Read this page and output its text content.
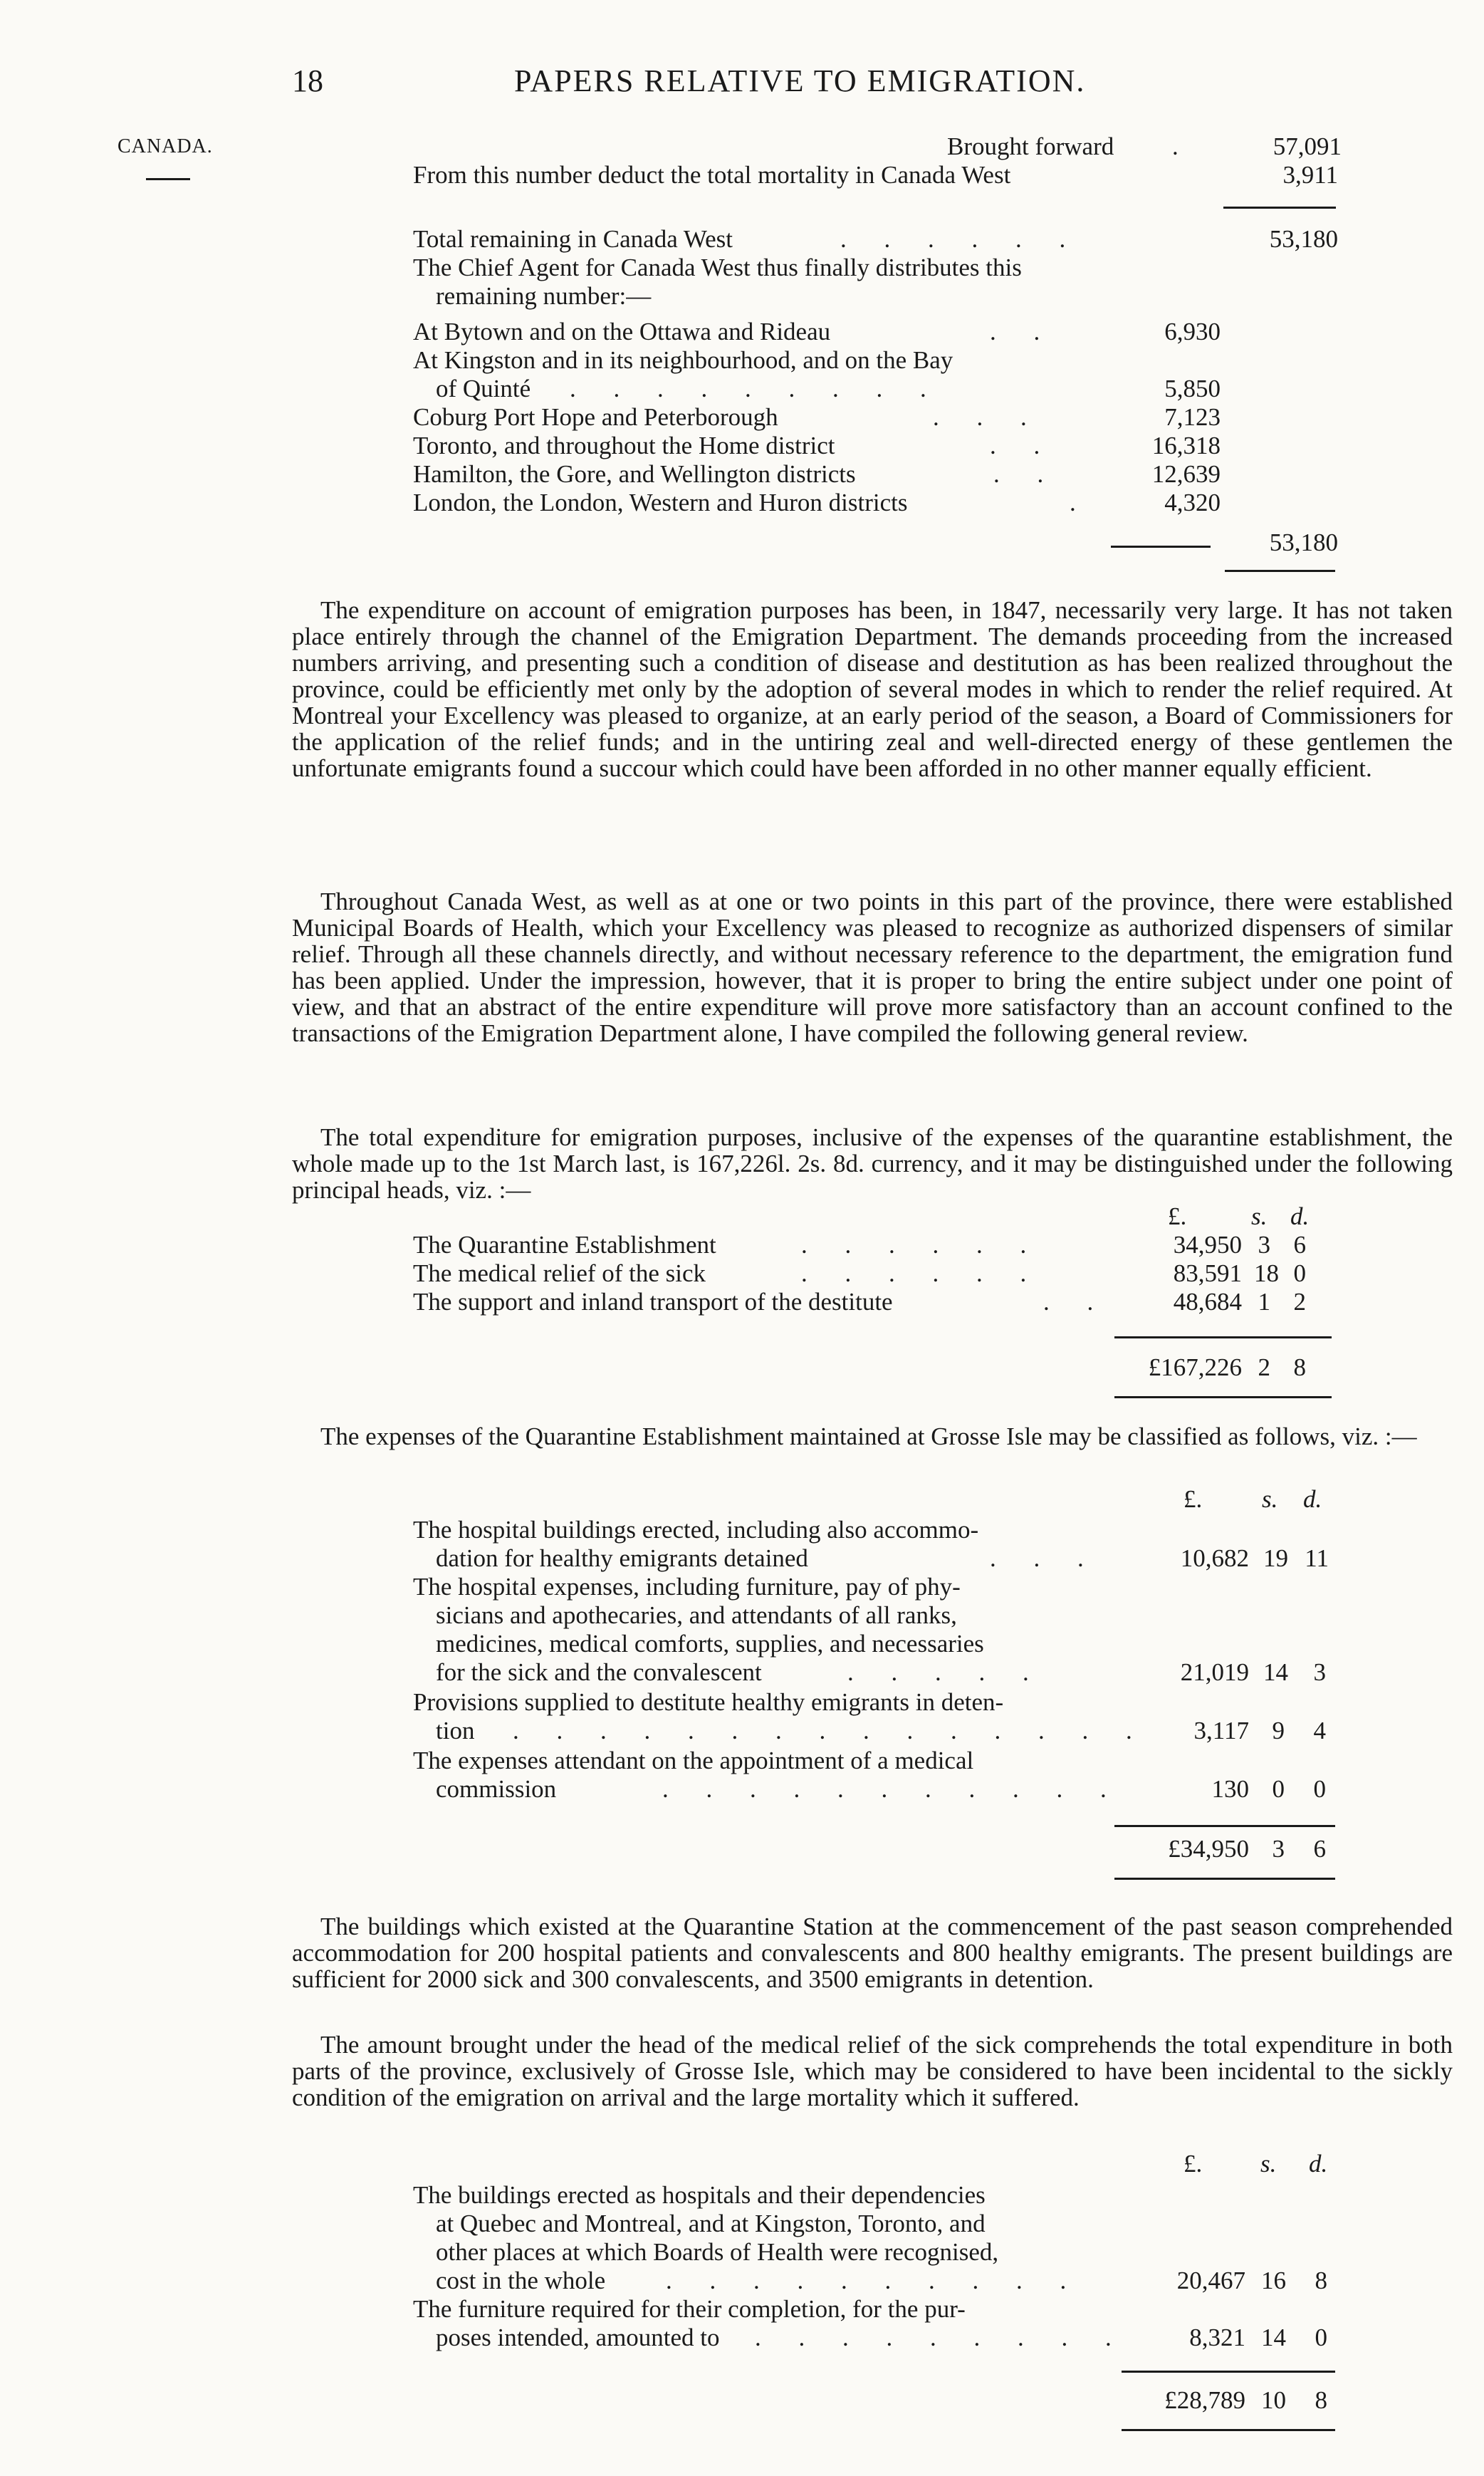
18	PAPERS RELATIVE TO EMIGRATION.
CANADA.	Brought forward .	57,091
From this number deduct the total mortality in Canada West	3,911
Total remaining in Canada West	. . . . . .	53,180
The Chief Agent for Canada West thus finally distributes this
remaining number:—
At Bytown and on the Ottawa and Rideau	. .	6,930
At Kingston and in its neighbourhood, and on the Bay
of Quinté . . . . . . . . .	5,850
Coburg Port Hope and Peterborough	. . .	7,123
Toronto, and throughout the Home district	. .	16,318
Hamilton, the Gore, and Wellington districts	. .	12,639
London, the London, Western and Huron districts	.	4,320
53,180
The expenditure on account of emigration purposes has been, in 1847, necessarily very large. It has not taken place entirely through the channel of the Emigration Department. The demands proceeding from the increased numbers arriving, and presenting such a condition of disease and destitution as has been realized throughout the province, could be efficiently met only by the adoption of several modes in which to render the relief required. At Montreal your Excellency was pleased to organize, at an early period of the season, a Board of Commissioners for the application of the relief funds; and in the untiring zeal and well-directed energy of these gentlemen the unfortunate emigrants found a succour which could have been afforded in no other manner equally efficient.
Throughout Canada West, as well as at one or two points in this part of the province, there were established Municipal Boards of Health, which your Excellency was pleased to recognize as authorized dispensers of similar relief. Through all these channels directly, and without necessary reference to the department, the emigration fund has been applied. Under the impression, however, that it is proper to bring the entire subject under one point of view, and that an abstract of the entire expenditure will prove more satisfactory than an account confined to the transactions of the Emigration Department alone, I have compiled the following general review.
The total expenditure for emigration purposes, inclusive of the expenses of the quarantine establishment, the whole made up to the 1st March last, is 167,226l. 2s. 8d. currency, and it may be distinguished under the following principal heads, viz. :—
£.	s. d.
The Quarantine Establishment	. . . . . .	34,950 3 6
The medical relief of the sick	. . . . . .	83,591 18 0
The support and inland transport of the destitute	. .	48,684 1 2
£167,226 2 8
The expenses of the Quarantine Establishment maintained at Grosse Isle may be classified as follows, viz. :—
£. s. d.
The hospital buildings erected, including also accommo-
dation for healthy emigrants detained	. . .	10,682 19 11
The hospital expenses, including furniture, pay of phy-
sicians and apothecaries, and attendants of all ranks,
medicines, medical comforts, supplies, and necessaries
for the sick and the convalescent	. . . . .	21,019 14 3
Provisions supplied to destitute healthy emigrants in deten-
tion . . . . . . . . . . . . . . . 3,117 9 4
The expenses attendant on the appointment of a medical
commission	. . . . . . . . . . .	130 0 0
£34,950 3 6
The buildings which existed at the Quarantine Station at the commencement of the past season comprehended accommodation for 200 hospital patients and convalescents and 800 healthy emigrants. The present buildings are sufficient for 2000 sick and 300 convalescents, and 3500 emigrants in detention.
The amount brought under the head of the medical relief of the sick comprehends the total expenditure in both parts of the province, exclusively of Grosse Isle, which may be considered to have been incidental to the sickly condition of the emigration on arrival and the large mortality which it suffered.
£. s. d.
The buildings erected as hospitals and their dependencies
at Quebec and Montreal, and at Kingston, Toronto, and
other places at which Boards of Health were recognised,
cost in the whole . . . . . . . . . .	20,467 16 8
The furniture required for their completion, for the pur-
poses intended, amounted to . . . . . . . . .	8,321 14 0
£28,789 10 8
